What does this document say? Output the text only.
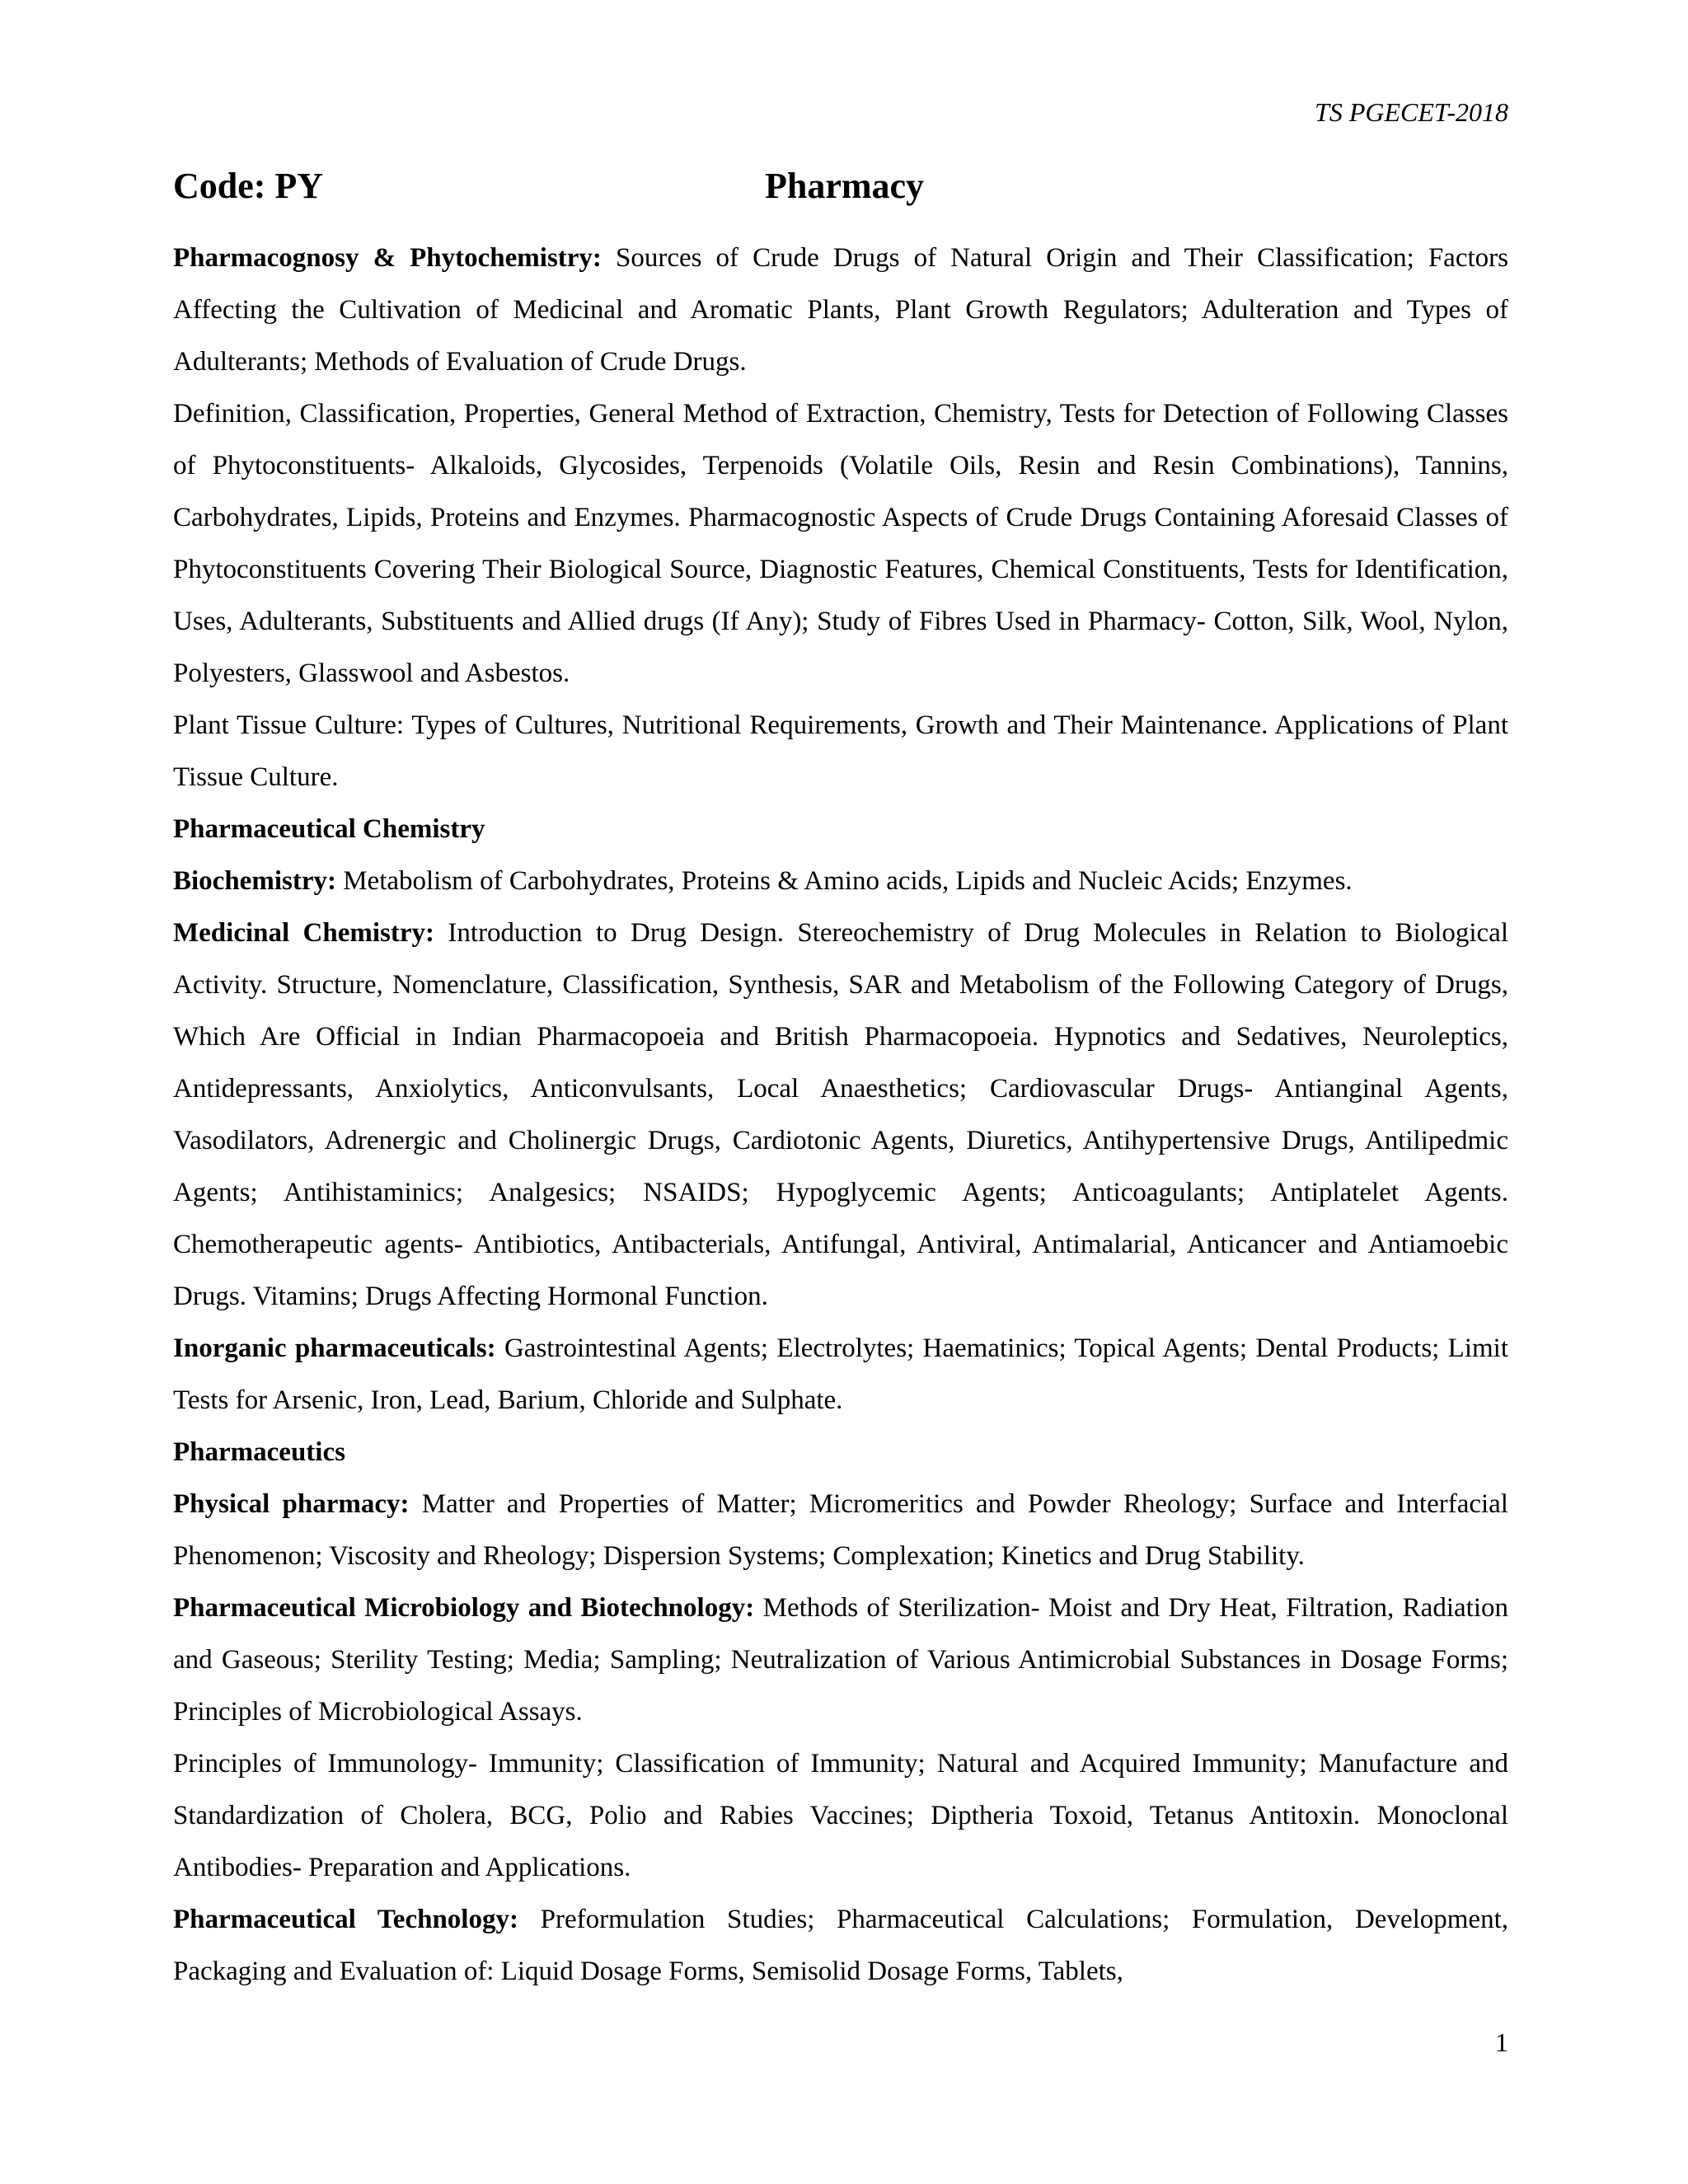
TS PGECET-2018
Code: PY	Pharmacy

Pharmacognosy & Phytochemistry: Sources of Crude Drugs of Natural Origin and Their Classification; Factors Affecting the Cultivation of Medicinal and Aromatic Plants, Plant Growth Regulators; Adulteration and Types of Adulterants; Methods of Evaluation of Crude Drugs.

Definition, Classification, Properties, General Method of Extraction, Chemistry, Tests for Detection of Following Classes of Phytoconstituents- Alkaloids, Glycosides, Terpenoids (Volatile Oils, Resin and Resin Combinations), Tannins, Carbohydrates, Lipids, Proteins and Enzymes. Pharmacognostic Aspects of Crude Drugs Containing Aforesaid Classes of Phytoconstituents Covering Their Biological Source, Diagnostic Features, Chemical Constituents, Tests for Identification, Uses, Adulterants, Substituents and Allied drugs (If Any); Study of Fibres Used in Pharmacy- Cotton, Silk, Wool, Nylon, Polyesters, Glasswool and Asbestos.

Plant Tissue Culture: Types of Cultures, Nutritional Requirements, Growth and Their Maintenance. Applications of Plant Tissue Culture.

Pharmaceutical Chemistry

Biochemistry: Metabolism of Carbohydrates, Proteins & Amino acids, Lipids and Nucleic Acids; Enzymes.

Medicinal Chemistry: Introduction to Drug Design. Stereochemistry of Drug Molecules in Relation to Biological Activity. Structure, Nomenclature, Classification, Synthesis, SAR and Metabolism of the Following Category of Drugs, Which Are Official in Indian Pharmacopoeia and British Pharmacopoeia. Hypnotics and Sedatives, Neuroleptics, Antidepressants, Anxiolytics, Anticonvulsants, Local Anaesthetics; Cardiovascular Drugs- Antianginal Agents, Vasodilators, Adrenergic and Cholinergic Drugs, Cardiotonic Agents, Diuretics, Antihypertensive Drugs, Antilipedmic Agents; Antihistaminics; Analgesics; NSAIDS; Hypoglycemic Agents; Anticoagulants; Antiplatelet Agents. Chemotherapeutic agents- Antibiotics, Antibacterials, Antifungal, Antiviral, Antimalarial, Anticancer and Antiamoebic Drugs. Vitamins; Drugs Affecting Hormonal Function.

Inorganic pharmaceuticals: Gastrointestinal Agents; Electrolytes; Haematinics; Topical Agents; Dental Products; Limit Tests for Arsenic, Iron, Lead, Barium, Chloride and Sulphate.

Pharmaceutics

Physical pharmacy: Matter and Properties of Matter; Micromeritics and Powder Rheology; Surface and Interfacial Phenomenon; Viscosity and Rheology; Dispersion Systems; Complexation; Kinetics and Drug Stability.

Pharmaceutical Microbiology and Biotechnology: Methods of Sterilization- Moist and Dry Heat, Filtration, Radiation and Gaseous; Sterility Testing; Media; Sampling; Neutralization of Various Antimicrobial Substances in Dosage Forms; Principles of Microbiological Assays.

Principles of Immunology- Immunity; Classification of Immunity; Natural and Acquired Immunity; Manufacture and Standardization of Cholera, BCG, Polio and Rabies Vaccines; Diptheria Toxoid, Tetanus Antitoxin. Monoclonal Antibodies- Preparation and Applications.

Pharmaceutical Technology: Preformulation Studies; Pharmaceutical Calculations; Formulation, Development, Packaging and Evaluation of: Liquid Dosage Forms, Semisolid Dosage Forms, Tablets,

1
